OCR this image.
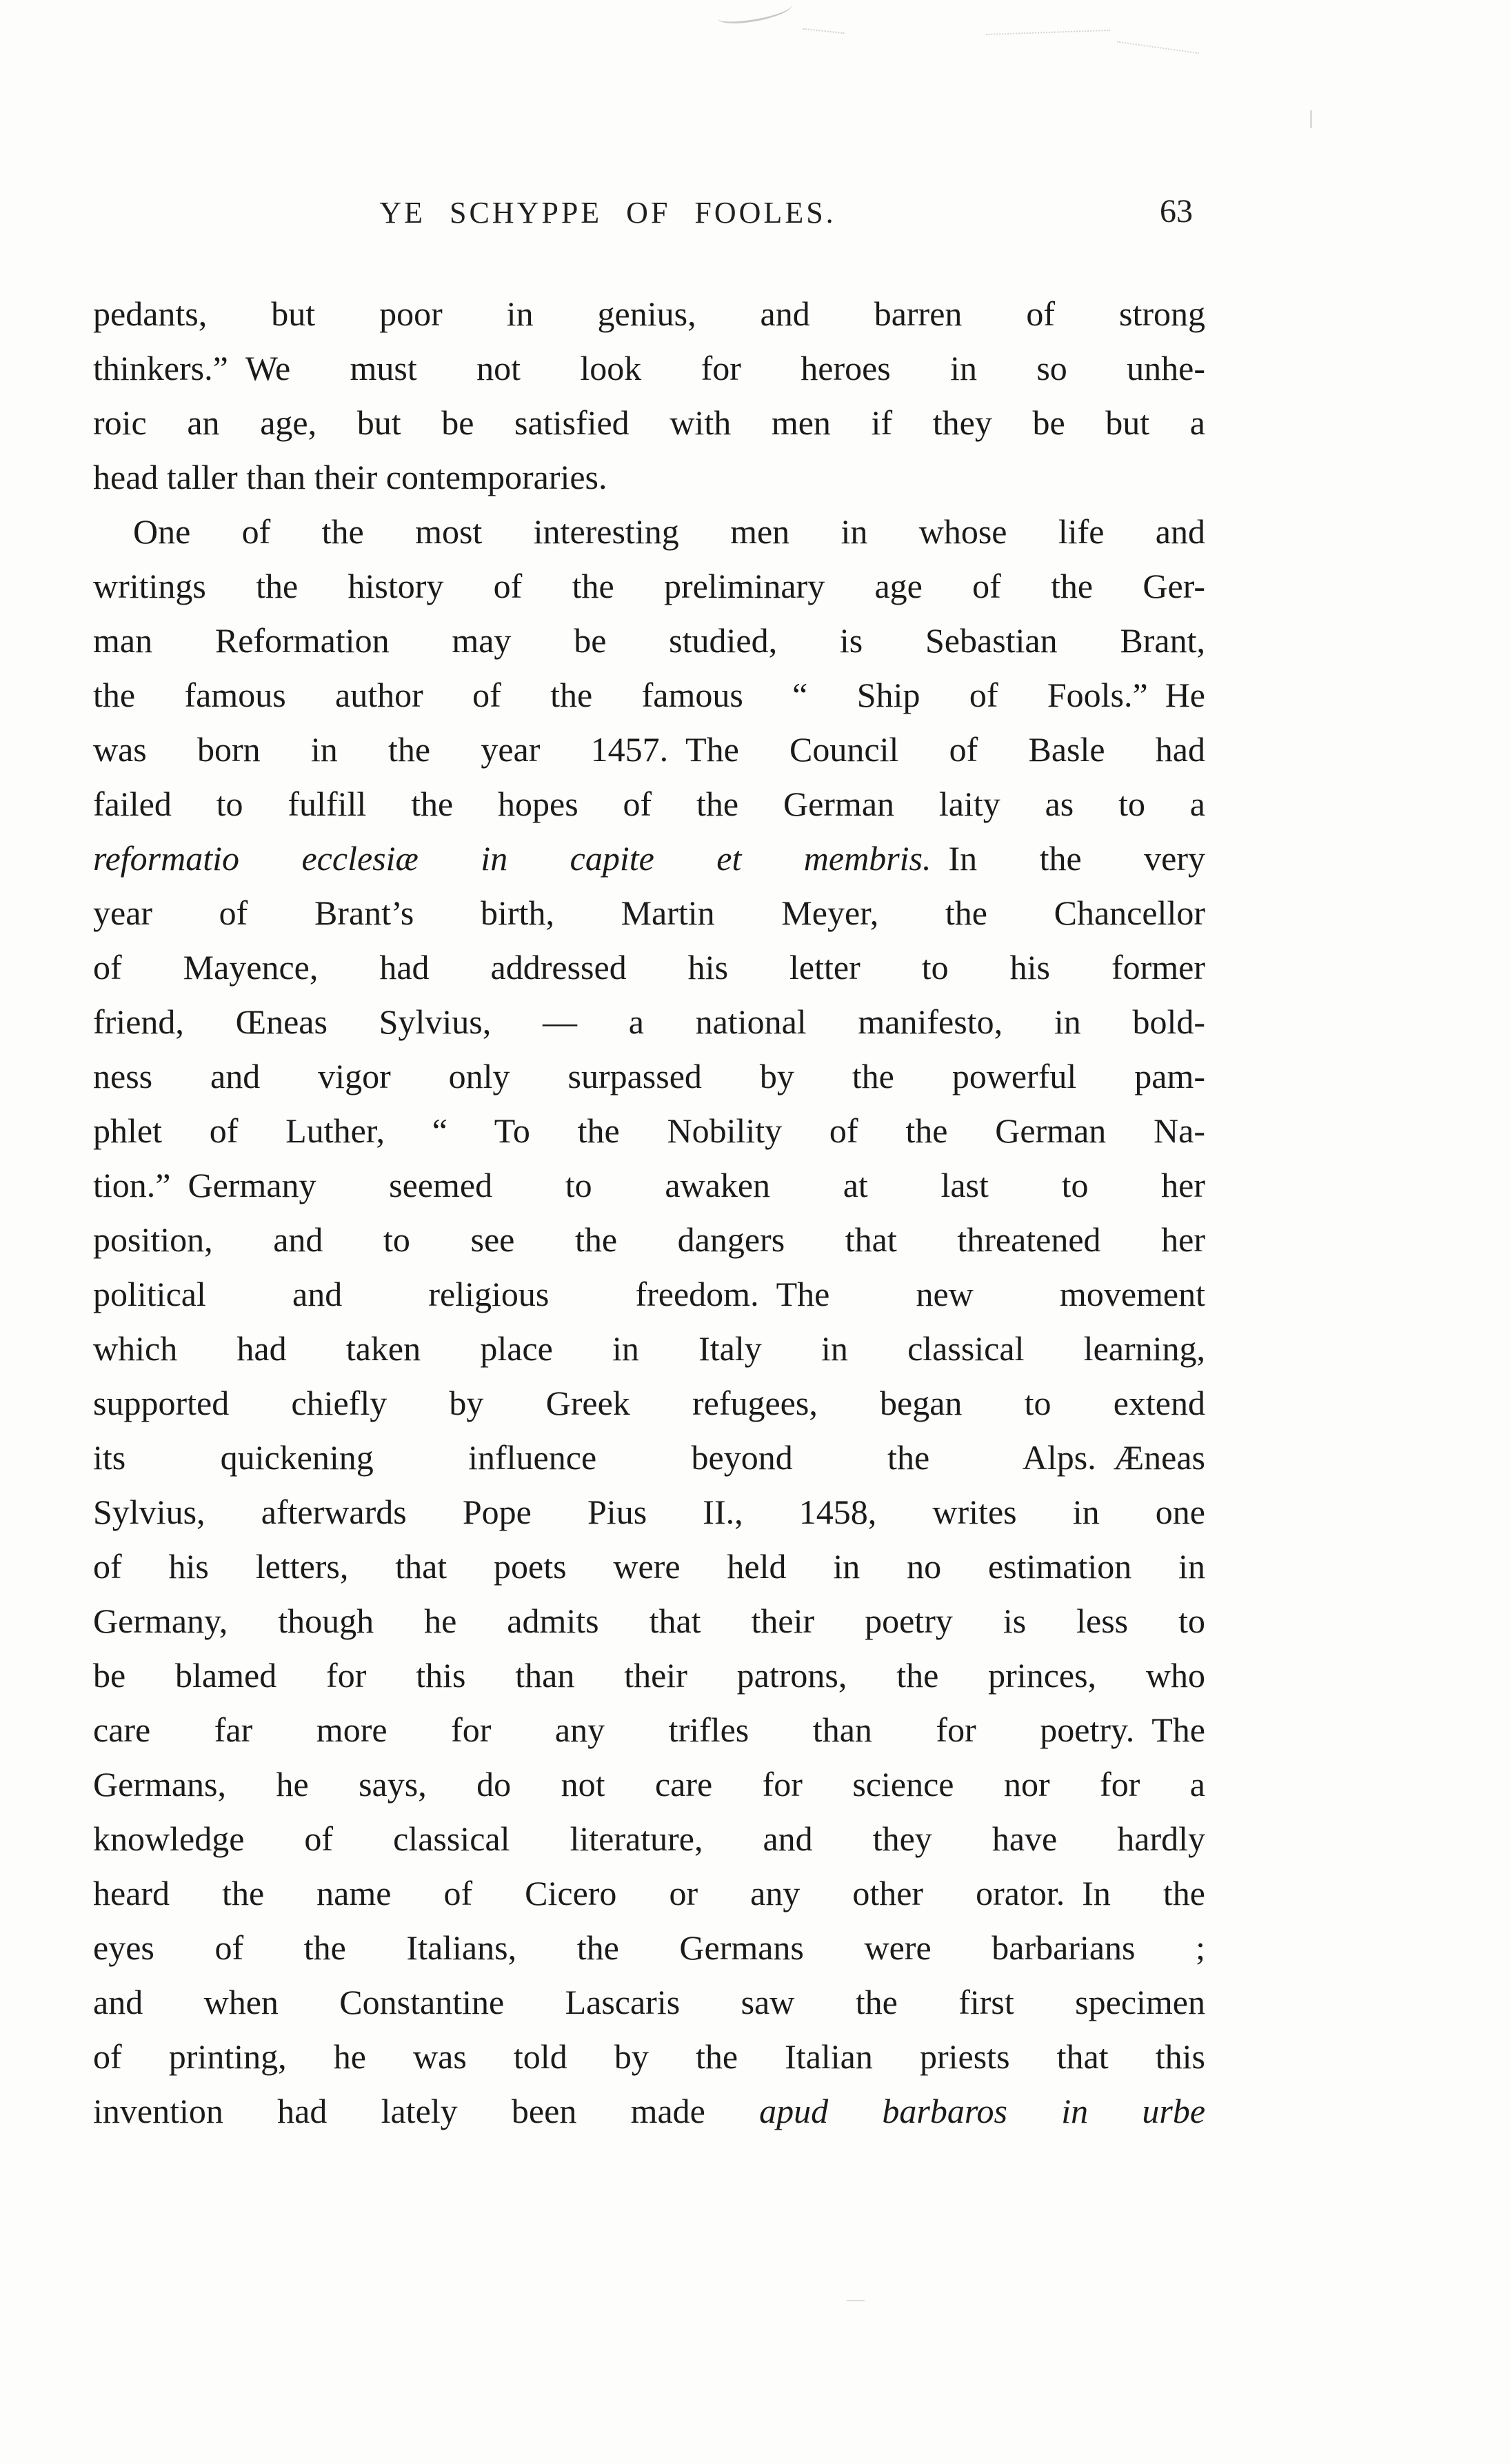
YE SCHYPPE OF FOOLES.	63
pedants, but poor in genius, and barren of strong
thinkers.” We must not look for heroes in so unhe-
roic an age, but be satisfied with men if they be but a
head taller than their contemporaries.
One of the most interesting men in whose life and
writings the history of the preliminary age of the Ger-
man Reformation may be studied, is Sebastian Brant,
the famous author of the famous “ Ship of Fools.” He
was born in the year 1457. The Council of Basle had
failed to fulfill the hopes of the German laity as to a
reformatio ecclesiæ in capite et membris. In the very
year of Brant’s birth, Martin Meyer, the Chancellor
of Mayence, had addressed his letter to his former
friend, Œneas Sylvius, — a national manifesto, in bold-
ness and vigor only surpassed by the powerful pam-
phlet of Luther, “ To the Nobility of the German Na-
tion.” Germany seemed to awaken at last to her
position, and to see the dangers that threatened her
political and religious freedom. The new movement
which had taken place in Italy in classical learning,
supported chiefly by Greek refugees, began to extend
its quickening influence beyond the Alps. Æneas
Sylvius, afterwards Pope Pius II., 1458, writes in one
of his letters, that poets were held in no estimation in
Germany, though he admits that their poetry is less to
be blamed for this than their patrons, the princes, who
care far more for any trifles than for poetry. The
Germans, he says, do not care for science nor for a
knowledge of classical literature, and they have hardly
heard the name of Cicero or any other orator. In the
eyes of the Italians, the Germans were barbarians ;
and when Constantine Lascaris saw the first specimen
of printing, he was told by the Italian priests that this
invention had lately been made apud barbaros in urbe
